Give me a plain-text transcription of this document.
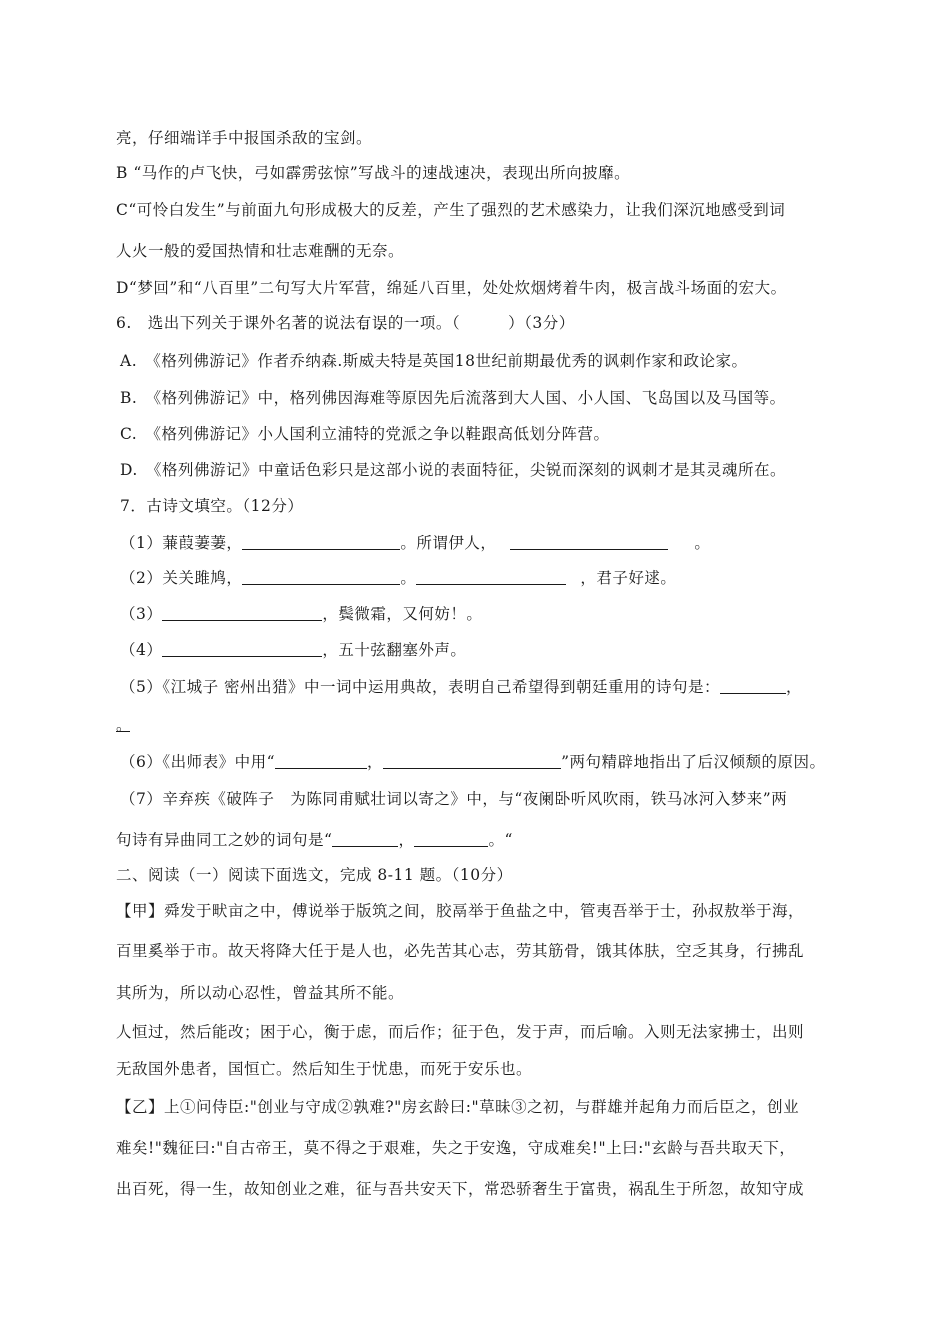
亮，仔细端详手中报国杀敌的宝剑。
B “马作的卢飞快，弓如霹雳弦惊”写战斗的速战速决，表现出所向披靡。
C“可怜白发生”与前面九句形成极大的反差，产生了强烈的艺术感染力，让我们深沉地感受到词
人火一般的爱国热情和壮志难酬的无奈。
D“梦回”和“八百里”二句写大片军营，绵延八百里，处处炊烟烤着牛肉，极言战斗场面的宏大。
6.　选出下列关于课外名著的说法有误的一项。（　　　）（3分）
A.　《格列佛游记》作者乔纳森.斯威夫特是英国18世纪前期最优秀的讽刺作家和政论家。
B.　《格列佛游记》中，格列佛因海难等原因先后流落到大人国、小人国、飞岛国以及马国等。
C.　《格列佛游记》小人国利立浦特的党派之争以鞋跟高低划分阵营。
D.　《格列佛游记》中童话色彩只是这部小说的表面特征，尖锐而深刻的讽刺才是其灵魂所在。
7．古诗文填空。（12分）
（1）蒹葭萋萋，	。所谓伊人，	　。
（2）关关雎鸠，	。	，君子好逑。
（3）	，鬓微霜，又何妨！。
（4）	，五十弦翻塞外声。
（5）《江城子 密州出猎》中一词中运用典故，表明自己希望得到朝廷重用的诗句是：	，
。
（6）《出师表》中用“	，	”两句精辟地指出了后汉倾颓的原因。
（7）辛弃疾《破阵子　为陈同甫赋壮词以寄之》中，与“夜阑卧听风吹雨，铁马冰河入梦来”两
句诗有异曲同工之妙的词句是“	，	。“
二、阅读（一）阅读下面选文，完成 8-11 题。（10分）
【甲】舜发于畎亩之中，傅说举于版筑之间，胶鬲举于鱼盐之中，管夷吾举于士，孙叔敖举于海，
百里奚举于市。故天将降大任于是人也，必先苦其心志，劳其筋骨，饿其体肤，空乏其身，行拂乱
其所为，所以动心忍性，曾益其所不能。
人恒过，然后能改；困于心，衡于虑，而后作；征于色，发于声，而后喻。入则无法家拂士，出则
无敌国外患者，国恒亡。然后知生于忧患，而死于安乐也。
【乙】上①问侍臣:"创业与守成②孰难?"房玄龄曰:"草昧③之初，与群雄并起角力而后臣之，创业
难矣!"魏征曰:"自古帝王，莫不得之于艰难，失之于安逸，守成难矣!"上曰:"玄龄与吾共取天下，
出百死，得一生，故知创业之难，征与吾共安天下，常恐骄奢生于富贵，祸乱生于所忽，故知守成
